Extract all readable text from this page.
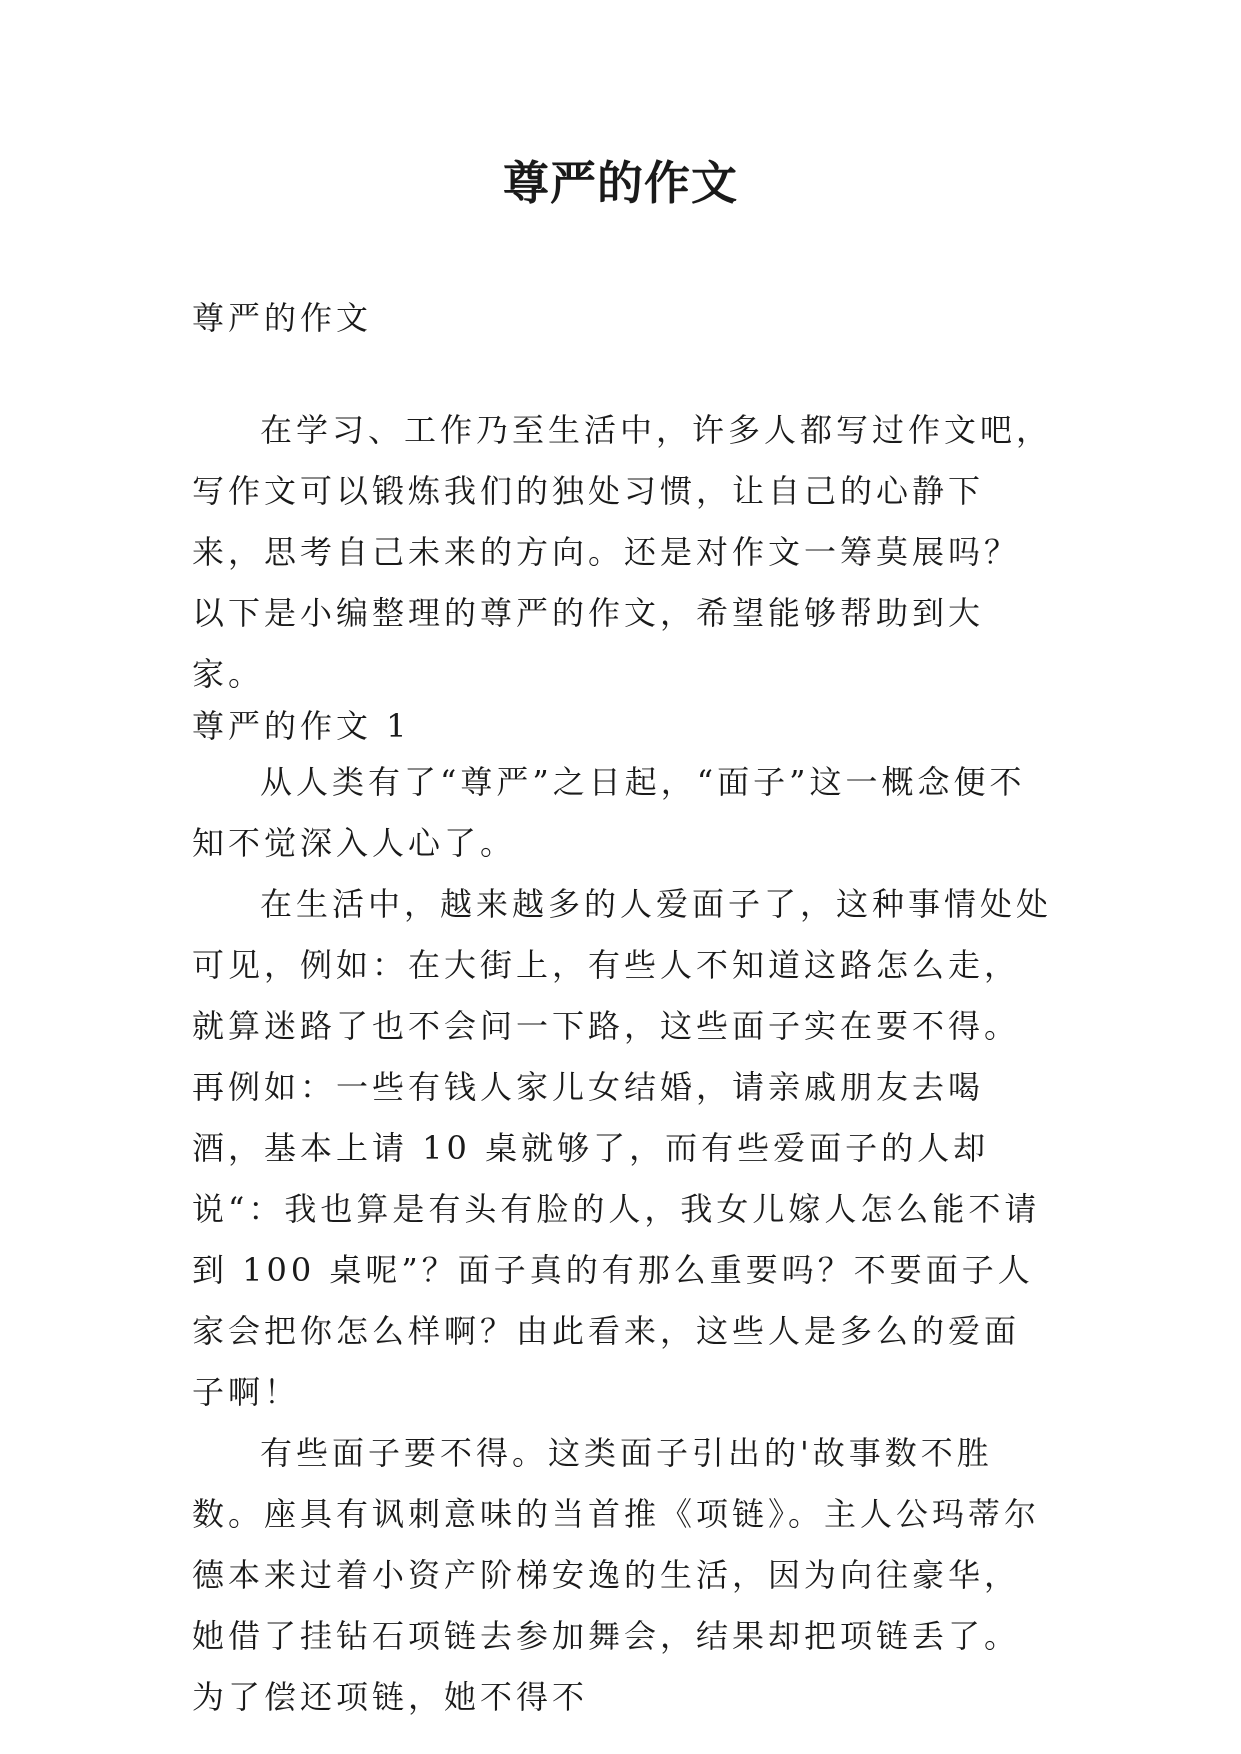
尊严的作文

尊严的作文

在学习、工作乃至生活中，许多人都写过作文吧，写作文可以锻炼我们的独处习惯，让自己的心静下来，思考自己未来的方向。还是对作文一筹莫展吗？以下是小编整理的尊严的作文，希望能够帮助到大家。

尊严的作文 1

从人类有了“尊严”之日起，“面子”这一概念便不知不觉深入人心了。

在生活中，越来越多的人爱面子了，这种事情处处可见，例如：在大街上，有些人不知道这路怎么走，就算迷路了也不会问一下路，这些面子实在要不得。再例如：一些有钱人家儿女结婚，请亲戚朋友去喝酒，基本上请 10 桌就够了，而有些爱面子的人却说“：我也算是有头有脸的人，我女儿嫁人怎么能不请到 100 桌呢”？面子真的有那么重要吗？不要面子人家会把你怎么样啊？由此看来，这些人是多么的爱面子啊！

有些面子要不得。这类面子引出的'故事数不胜数。座具有讽刺意味的当首推《项链》。主人公玛蒂尔德本来过着小资产阶梯安逸的生活，因为向往豪华，她借了挂钻石项链去参加舞会，结果却把项链丢了。为了偿还项链，她不得不
